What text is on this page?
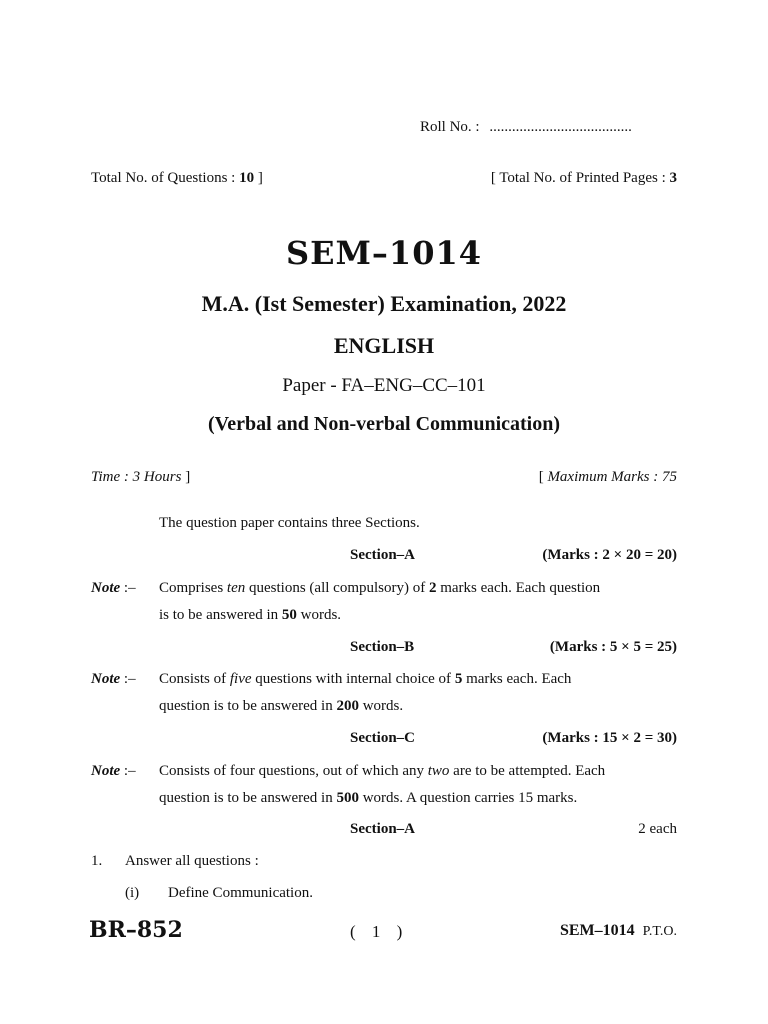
Roll No. : ......................................
Total No. of Questions : 10 ]	[ Total No. of Printed Pages : 3
SEM–1014
M.A. (Ist Semester) Examination, 2022
ENGLISH
Paper - FA–ENG–CC–101
(Verbal and Non-verbal Communication)
Time : 3 Hours ]	[ Maximum Marks : 75
The question paper contains three Sections.
Section–A	(Marks : 2 × 20 = 20)
Note :– Comprises ten questions (all compulsory) of 2 marks each. Each question
is to be answered in 50 words.
Section–B	(Marks : 5 × 5 = 25)
Note :– Consists of five questions with internal choice of 5 marks each. Each
question is to be answered in 200 words.
Section–C	(Marks : 15 × 2 = 30)
Note :– Consists of four questions, out of which any two are to be attempted. Each
question is to be answered in 500 words. A question carries 15 marks.
Section–A	2 each
1. Answer all questions :
(i) Define Communication.
BR–852	( 1 )	SEM–1014 P.T.O.
